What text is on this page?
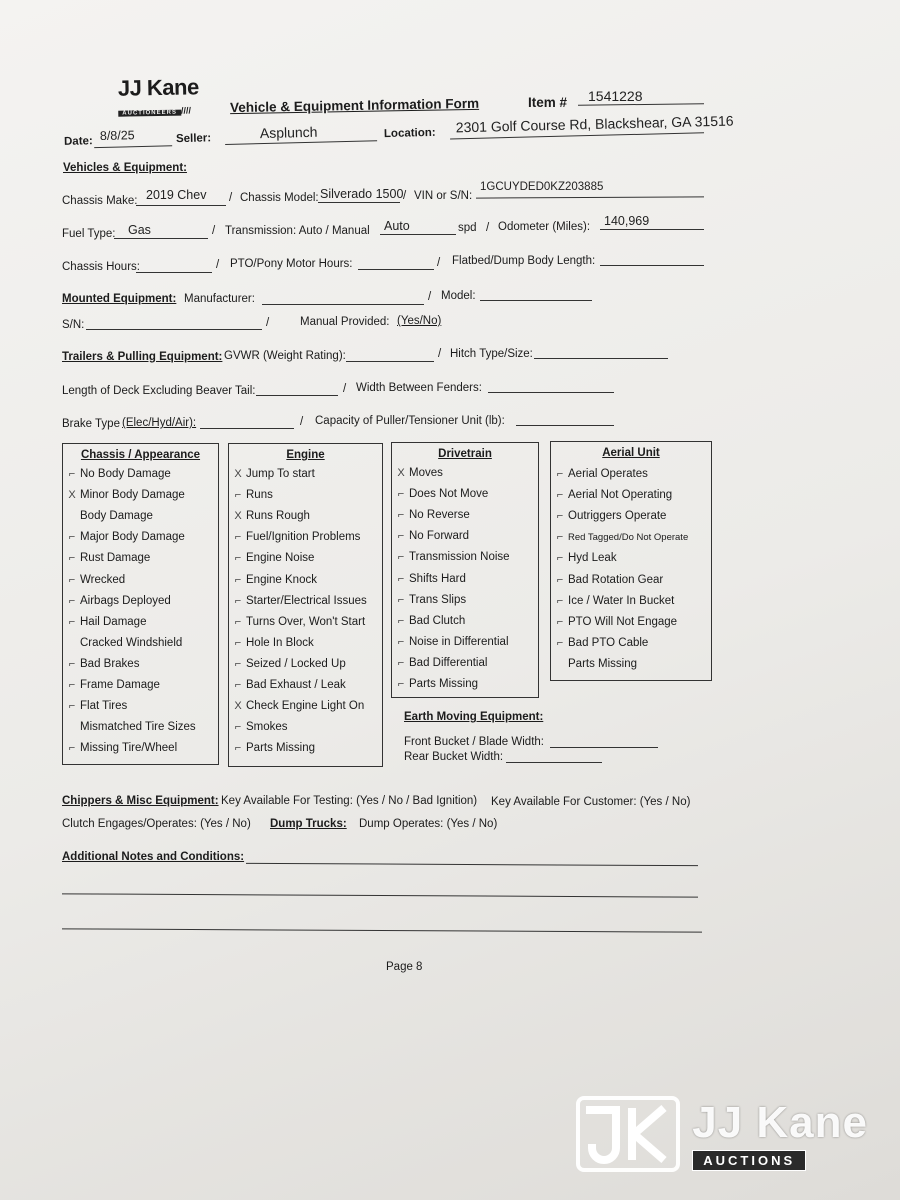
JJ Kane
AUCTIONEERS ////	Vehicle & Equipment Information Form	Item # 1541228
Date: 8/8/25	Seller:	Asplunch	Location: 2301 Golf Course Rd, Blackshear, GA 31516
Vehicles & Equipment:
Chassis Make: 2019 Chev / Chassis Model: Silverado 1500 / VIN or S/N:
1GCUYDED0KZ203885
Fuel Type: Gas	/ Transmission: Auto / Manual Auto	spd / Odometer (Miles): 140,969
Chassis Hours:	/ PTO/Pony Motor Hours:	/ Flatbed/Dump Body Length:
Mounted Equipment: Manufacturer:	/ Model:
S/N:	/	Manual Provided: (Yes/No)
Trailers & Pulling Equipment: GVWR (Weight Rating):	/ Hitch Type/Size:
Length of Deck Excluding Beaver Tail:	/ Width Between Fenders:
Brake Type (Elec/Hyd/Air):	/ Capacity of Puller/Tensioner Unit (lb):
Chassis / Appearance
⌐ No Body Damage
X Minor Body Damage
Body Damage
⌐ Major Body Damage
⌐ Rust Damage
⌐ Wrecked
⌐ Airbags Deployed
⌐ Hail Damage
Cracked Windshield
⌐ Bad Brakes
⌐ Frame Damage
⌐ Flat Tires
Mismatched Tire Sizes
⌐ Missing Tire/Wheel
Engine
X Jump To start
⌐ Runs
X Runs Rough
⌐ Fuel/Ignition Problems
⌐ Engine Noise
⌐ Engine Knock
⌐ Starter/Electrical Issues
⌐ Turns Over, Won't Start
⌐ Hole In Block
⌐ Seized / Locked Up
⌐ Bad Exhaust / Leak
X Check Engine Light On
⌐ Smokes
⌐ Parts Missing
Drivetrain
X Moves
⌐ Does Not Move
⌐ No Reverse
⌐ No Forward
⌐ Transmission Noise
⌐ Shifts Hard
⌐ Trans Slips
⌐ Bad Clutch
⌐ Noise in Differential
⌐ Bad Differential
⌐ Parts Missing
Aerial Unit
⌐ Aerial Operates
⌐ Aerial Not Operating
⌐ Outriggers Operate
⌐ Red Tagged/Do Not Operate
⌐ Hyd Leak
⌐ Bad Rotation Gear
⌐ Ice / Water In Bucket
⌐ PTO Will Not Engage
⌐ Bad PTO Cable
Parts Missing
Earth Moving Equipment:
Front Bucket / Blade Width:
Rear Bucket Width:
Chippers & Misc Equipment: Key Available For Testing: (Yes / No / Bad Ignition) Key Available For Customer: (Yes / No)
Clutch Engages/Operates: (Yes / No) Dump Trucks: Dump Operates: (Yes / No)
Additional Notes and Conditions:
Page 8
JJ Kane
AUCTIONS
